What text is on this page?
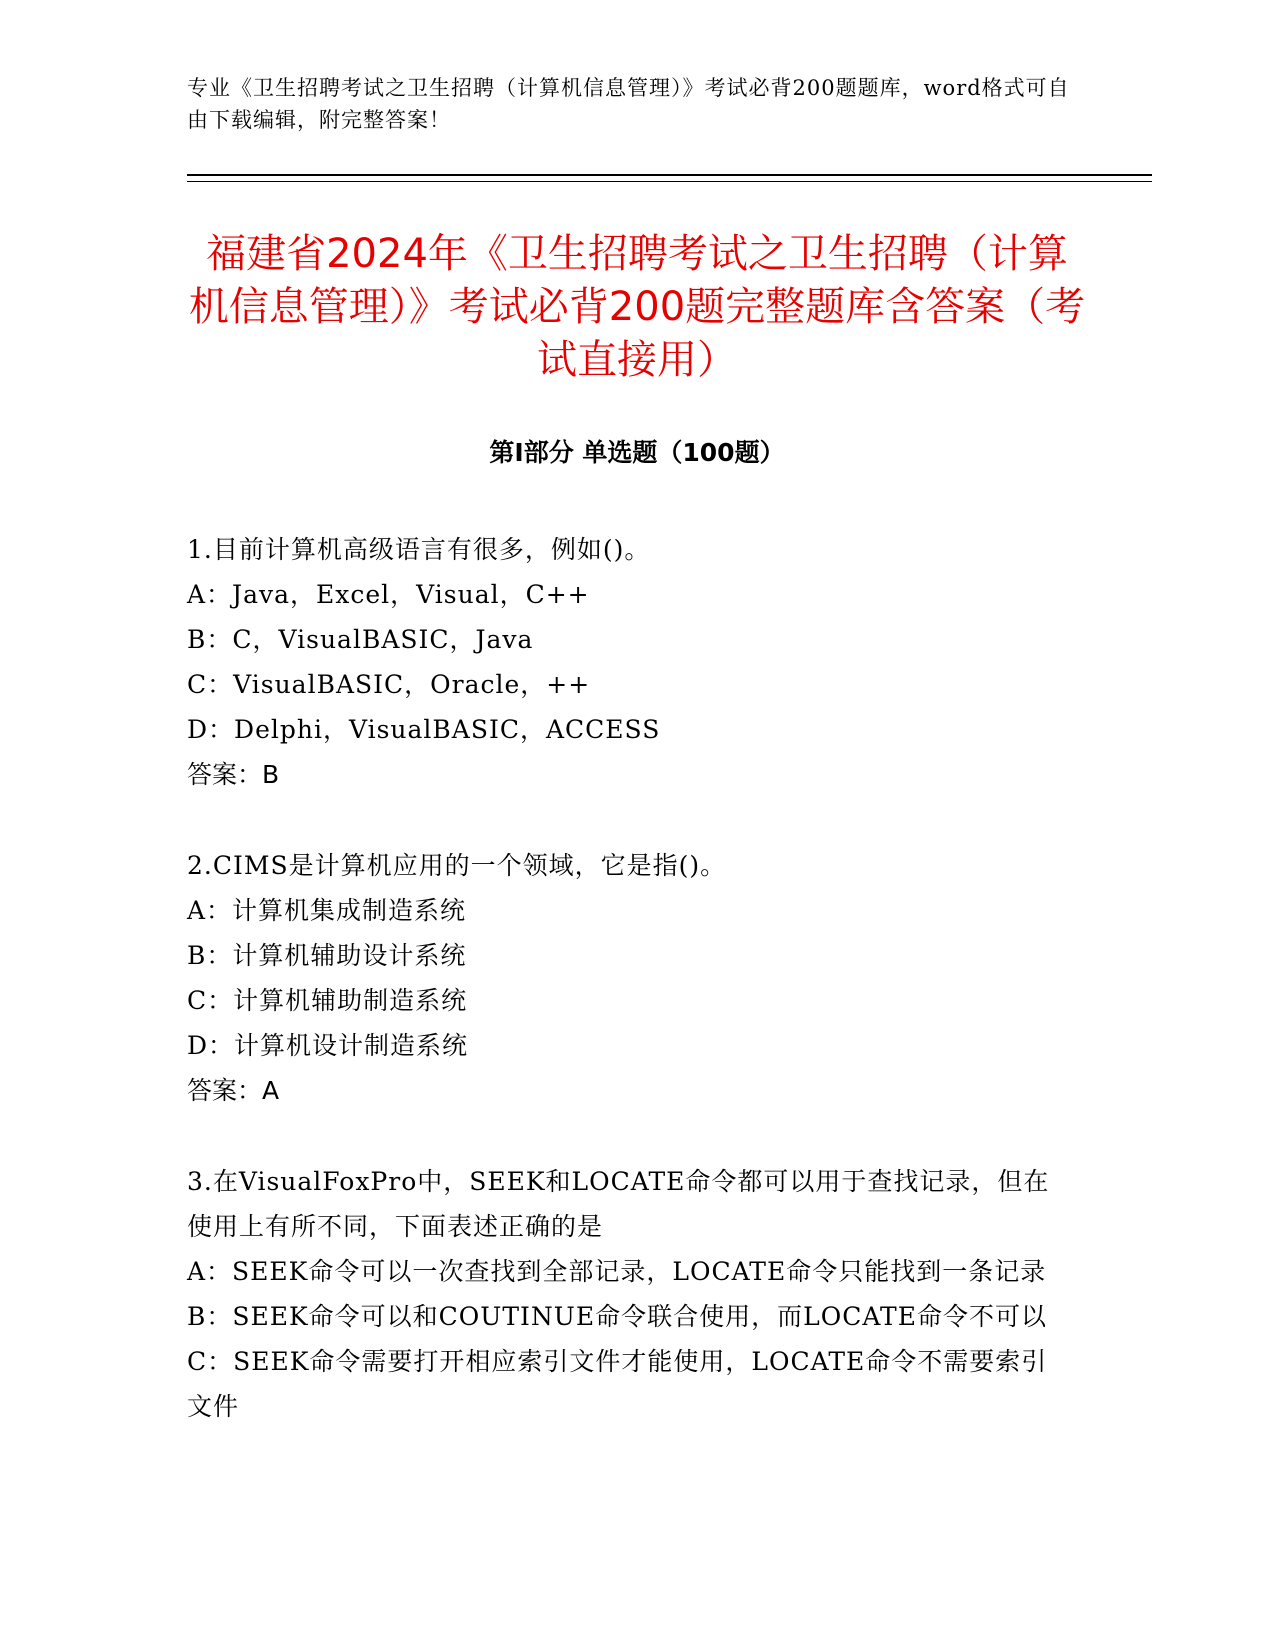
专业《卫生招聘考试之卫生招聘（计算机信息管理）》考试必背200题题库，word格式可自由下载编辑，附完整答案！
福建省2024年《卫生招聘考试之卫生招聘（计算机信息管理）》考试必背200题完整题库含答案（考试直接用）
第I部分 单选题（100题）

1.目前计算机高级语言有很多，例如()。

A：Java，Excel，Visual，C++

B：C，VisualBASIC，Java

C：VisualBASIC，Oracle，++

D：Delphi，VisualBASIC，ACCESS

答案：B

2.CIMS是计算机应用的一个领域，它是指()。

A：计算机集成制造系统

B：计算机辅助设计系统

C：计算机辅助制造系统

D：计算机设计制造系统

答案：A

3.在VisualFoxPro中，SEEK和LOCATE命令都可以用于查找记录，但在使用上有所不同，下面表述正确的是

A：SEEK命令可以一次查找到全部记录，LOCATE命令只能找到一条记录

B：SEEK命令可以和COUTINUE命令联合使用，而LOCATE命令不可以

C：SEEK命令需要打开相应索引文件才能使用，LOCATE命令不需要索引文件
